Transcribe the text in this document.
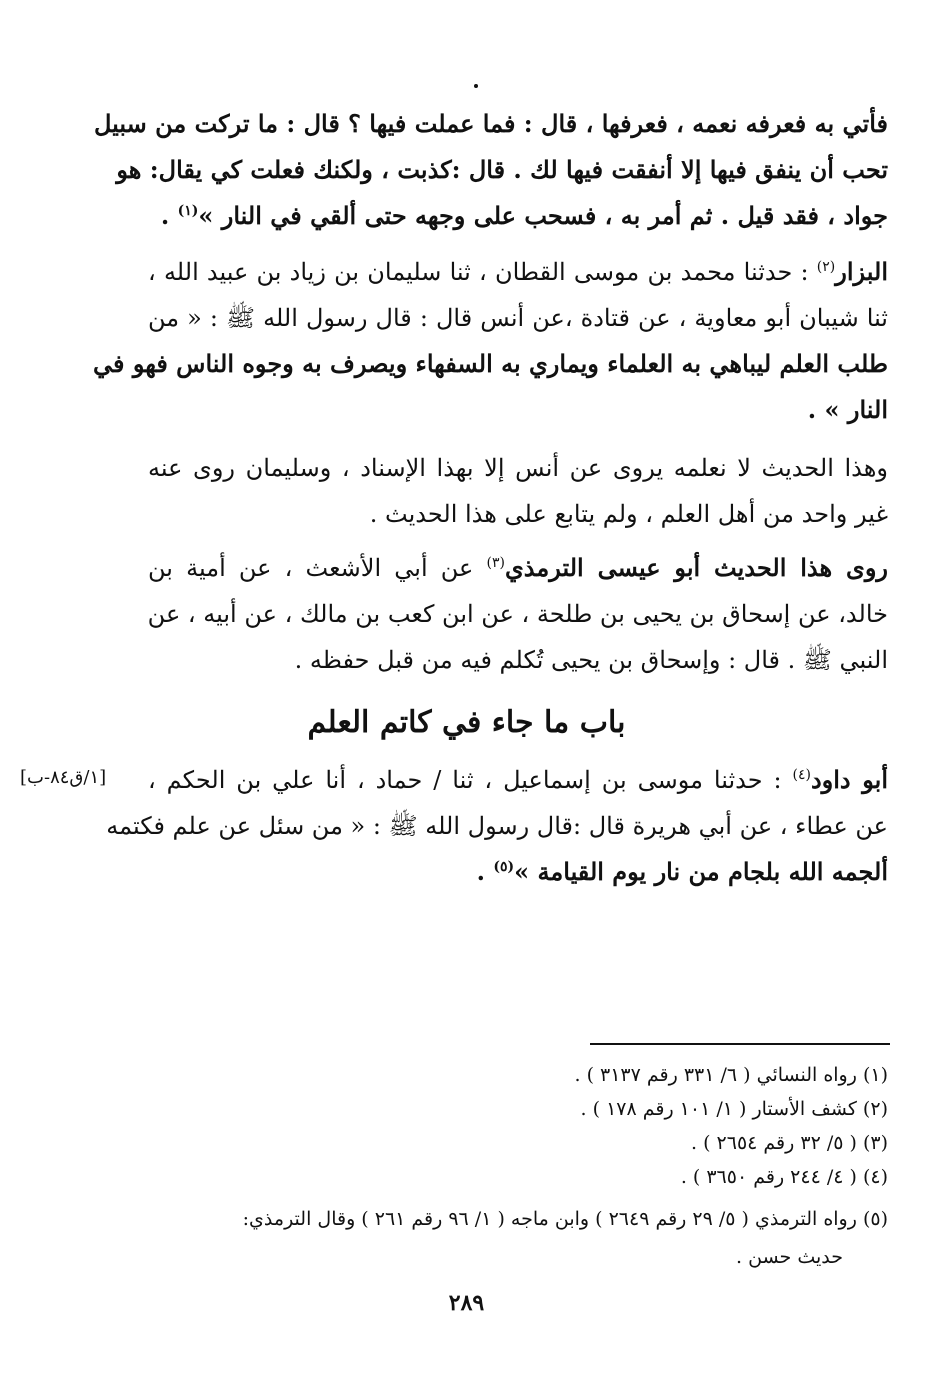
فأتي به فعرفه نعمه ، فعرفها ، قال : فما عملت فيها ؟ قال : ما تركت من سبيل
تحب أن ينفق فيها إلا أنفقت فيها لك . قال :كذبت ، ولكنك فعلت كي يقال: هو
جواد ، فقد قيل . ثم أمر به ، فسحب على وجهه حتى ألقي في النار »$^{(١)}$ .
البزار$^{(٢)}$ : حدثنا محمد بن موسى القطان ، ثنا سليمان بن زياد بن عبيد الله ،
ثنا شيبان أبو معاوية ، عن قتادة ،عن أنس قال : قال رسول الله ﷺ : « من
طلب العلم ليباهي به العلماء ويماري به السفهاء ويصرف به وجوه الناس فهو في
النار » .
وهذا الحديث لا نعلمه يروى عن أنس إلا بهذا الإسناد ، وسليمان روى عنه
غير واحد من أهل العلم ، ولم يتابع على هذا الحديث .
روى هذا الحديث أبو عيسى الترمذي$^{(٣)}$ عن أبي الأشعث ، عن أمية بن
خالد، عن إسحاق بن يحيى بن طلحة ، عن ابن كعب بن مالك ، عن أبيه ، عن
النبي ﷺ . قال : وإسحاق بن يحيى تُكلم فيه من قبل حفظه .
باب ما جاء في كاتم العلم
[١/ق٨٤-ب]	أبو داود$^{(٤)}$ : حدثنا موسى بن إسماعيل ، ثنا / حماد ، أنا علي بن الحكم ،
عن عطاء ، عن أبي هريرة قال :قال رسول الله ﷺ : « من سئل عن علم فكتمه
ألجمه الله بلجام من نار يوم القيامة »$^{(٥)}$ .
(١) رواه النسائي ( ٦/ ٣٣١ رقم ٣١٣٧ ) .
(٢) كشف الأستار ( ١/ ١٠١ رقم ١٧٨ ) .
(٣) ( ٥/ ٣٢ رقم ٢٦٥٤ ) .
(٤) ( ٤/ ٢٤٤ رقم ٣٦٥٠ ) .
(٥) رواه الترمذي ( ٥/ ٢٩ رقم ٢٦٤٩ ) وابن ماجه ( ١/ ٩٦ رقم ٢٦١ ) وقال الترمذي:
حديث حسن .
٢٨٩
